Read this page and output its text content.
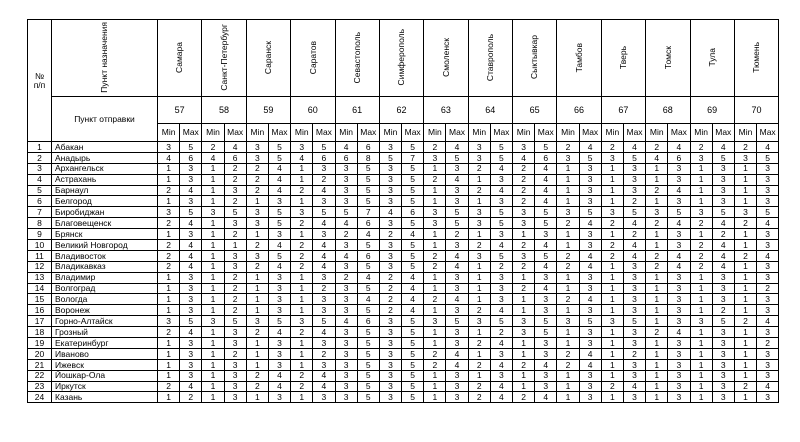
№
п/п	Пункт назначения	Самара		Санкт-Петербург		Саранск		Саратов		Севастополь		Симферополь		Смоленск		Ставрополь		Сыктывкар		Тамбов		Тверь		Томск		Тула		Тюмень	
	Пункт отправки	57		58		59		60		61		62		63		64		65		66		67		68		69		70	
		Min	Max	Min	Max	Min	Max	Min	Max	Min	Max	Min	Max	Min	Max	Min	Max	Min	Max	Min	Max	Min	Max	Min	Max	Min	Max	Min	Max
1	Абакан	3	5	2	4	3	5	3	5	4	6	3	5	2	4	3	5	3	5	2	4	2	4	2	4	2	4	2	4
2	Анадырь	4	6	4	6	3	5	4	6	6	8	5	7	3	5	3	5	4	6	3	5	3	5	4	6	3	5	3	5
3	Архангельск	1	3	1	2	2	4	1	3	3	5	3	5	1	3	2	4	2	4	1	3	1	3	1	3	1	3	1	3
4	Астрахань	1	3	1	2	2	4	1	2	3	5	3	5	2	4	1	3	2	4	1	3	1	3	1	3	1	3	1	3
5	Барнаул	2	4	1	3	2	4	2	4	3	5	3	5	1	3	2	4	2	4	1	3	1	3	2	4	1	3	1	3
6	Белгород	1	3	1	2	1	3	1	3	3	5	3	5	1	3	1	3	2	4	1	3	1	2	1	3	1	3	1	3
7	Биробиджан	3	5	3	5	3	5	3	5	5	7	4	6	3	5	3	5	3	5	3	5	3	5	3	5	3	5	3	5
8	Благовещенск	2	4	1	3	3	5	2	4	4	6	3	5	3	5	3	5	3	5	2	4	2	4	2	4	2	4	2	4
9	Брянск	1	3	1	2	1	3	1	3	2	4	2	4	1	2	1	3	1	3	1	3	1	2	1	3	1	2	1	3
10	Великий Новгород	2	4	1	1	2	4	2	4	3	5	3	5	1	3	2	4	2	4	1	3	2	4	1	3	2	4	1	3
11	Владивосток	2	4	1	3	3	5	2	4	4	6	3	5	2	4	3	5	3	5	2	4	2	4	2	4	2	4	2	4
12	Владикавказ	2	4	1	3	2	4	2	4	3	5	3	5	2	4	1	2	2	4	2	4	1	3	2	4	2	4	1	3
13	Владимир	1	3	1	2	1	3	1	3	2	4	2	4	1	3	1	3	1	3	1	3	1	3	1	3	1	3	1	3
14	Волгоград	1	3	1	2	1	3	1	2	3	5	2	4	1	3	1	3	2	4	1	3	1	3	1	3	1	3	1	2
15	Вологда	1	3	1	2	1	3	1	3	3	4	2	4	2	4	1	3	1	3	2	4	1	3	1	3	1	3	1	3
16	Воронеж	1	3	1	2	1	3	1	3	3	5	2	4	1	3	2	4	1	3	1	3	1	3	1	3	1	2	1	3
17	Горно-Алтайск	3	5	3	5	3	5	3	5	4	6	3	5	3	5	3	5	3	5	3	5	3	5	1	3	3	5	2	4
18	Грозный	2	4	1	3	2	4	2	4	3	5	3	5	1	3	1	2	3	5	1	3	1	3	2	4	1	3	1	3
19	Екатеринбург	1	3	1	3	1	3	1	3	3	5	3	5	1	3	2	4	1	3	1	3	1	3	1	3	1	3	1	2
20	Иваново	1	3	1	2	1	3	1	2	3	5	3	5	2	4	1	3	1	3	2	4	1	2	1	3	1	3	1	3
21	Ижевск	1	3	1	3	1	3	1	3	3	5	3	5	2	4	2	4	2	4	2	4	1	3	1	3	1	3	1	3
22	Йошкар-Ола	1	3	1	3	2	4	2	4	3	5	3	5	1	3	1	3	1	3	1	3	1	3	1	3	1	3	1	3
23	Иркутск	2	4	1	3	2	4	2	4	3	5	3	5	1	3	2	4	1	3	1	3	2	4	1	3	1	3	2	4
24	Казань	1	2	1	3	1	3	1	3	3	5	3	5	1	3	2	4	2	4	1	3	1	3	1	3	1	3	1	3
